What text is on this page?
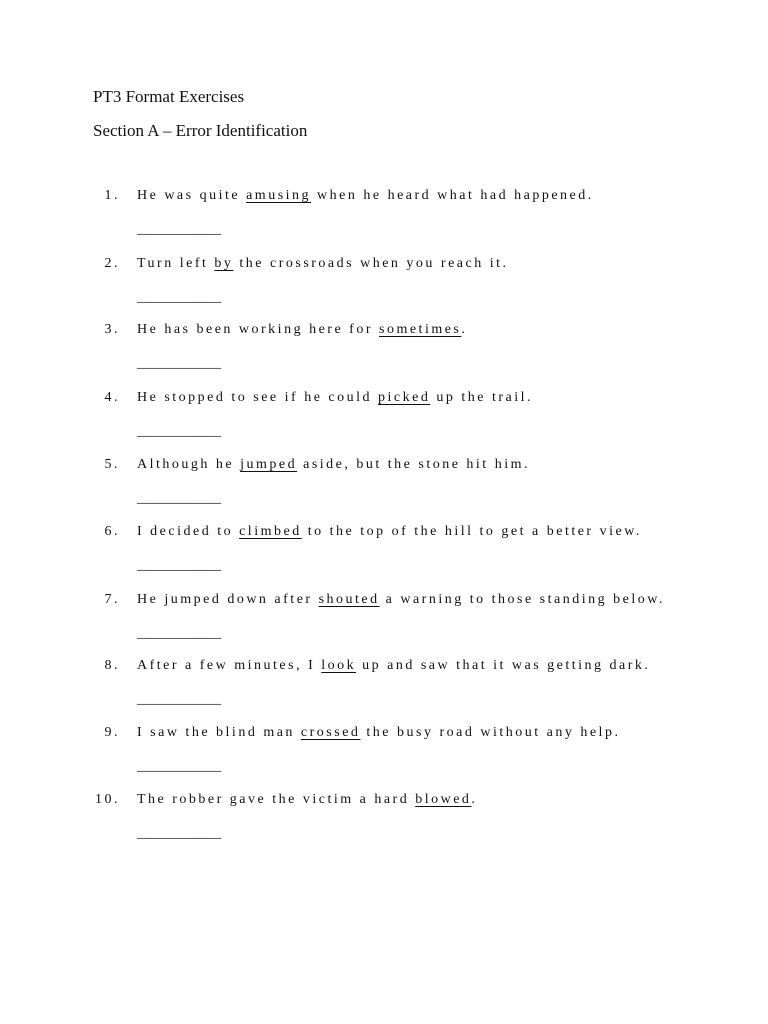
PT3 Format Exercises
Section A – Error Identification
1. He was quite amusing when he heard what had happened.
____________
2. Turn left by the crossroads when you reach it.
____________
3. He has been working here for sometimes.
____________
4. He stopped to see if he could picked up the trail.
____________
5. Although he jumped aside, but the stone hit him.
____________
6. I decided to climbed to the top of the hill to get a better view.
____________
7. He jumped down after shouted a warning to those standing below.
____________
8. After a few minutes, I look up and saw that it was getting dark.
____________
9. I saw the blind man crossed the busy road without any help.
____________
10. The robber gave the victim a hard blowed.
____________
